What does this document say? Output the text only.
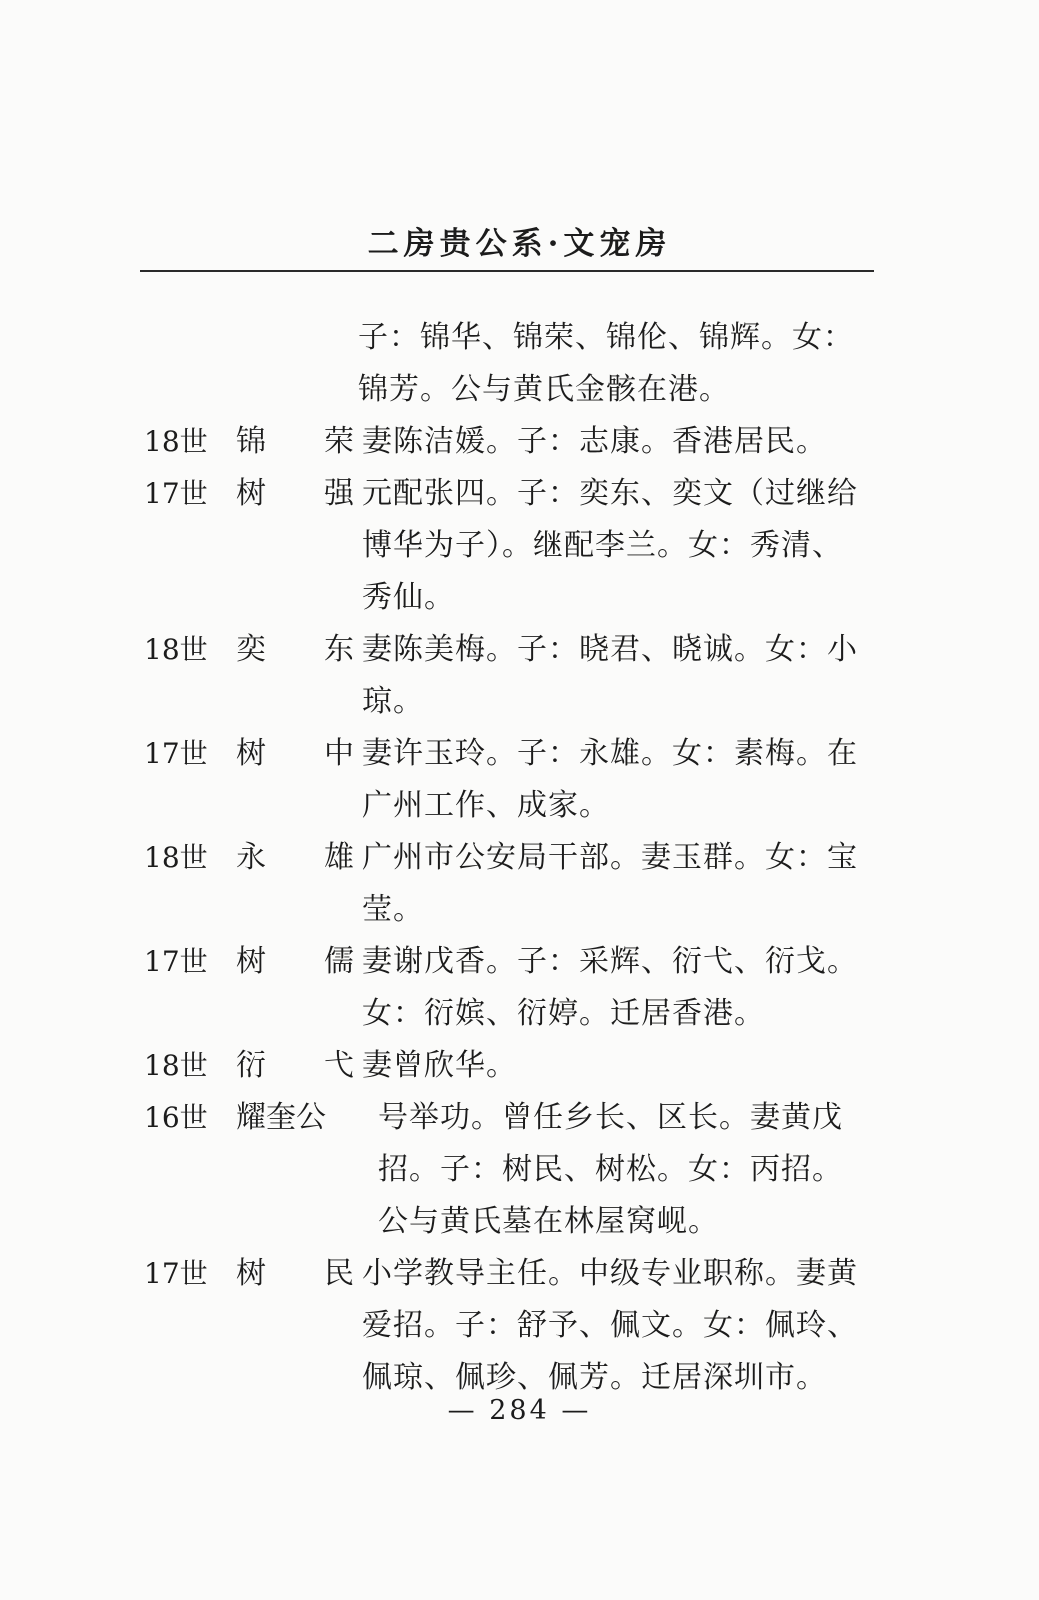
二房贵公系·文宠房
子：锦华、锦荣、锦伦、锦辉。女：
锦芳。公与黄氏金骸在港。
18世 锦 荣 妻陈洁媛。子：志康。香港居民。
17世 树 强 元配张四。子：奕东、奕文（过继给
博华为子）。继配李兰。女：秀清、
秀仙。
18世 奕 东 妻陈美梅。子：晓君、晓诚。女：小
琼。
17世 树 中 妻许玉玲。子：永雄。女：素梅。在
广州工作、成家。
18世 永 雄 广州市公安局干部。妻玉群。女：宝
莹。
17世 树 儒 妻谢戊香。子：采辉、衍弋、衍戈。
女：衍嫔、衍婷。迁居香港。
18世 衍 弋 妻曾欣华。
16世 耀奎公	号举功。曾任乡长、区长。妻黄戊
招。子：树民、树松。女：丙招。
公与黄氏墓在林屋窝岘。
17世 树 民 小学教导主任。中级专业职称。妻黄
爱招。子：舒予、佩文。女：佩玲、
佩琼、佩珍、佩芳。迁居深圳市。
— 284 —
